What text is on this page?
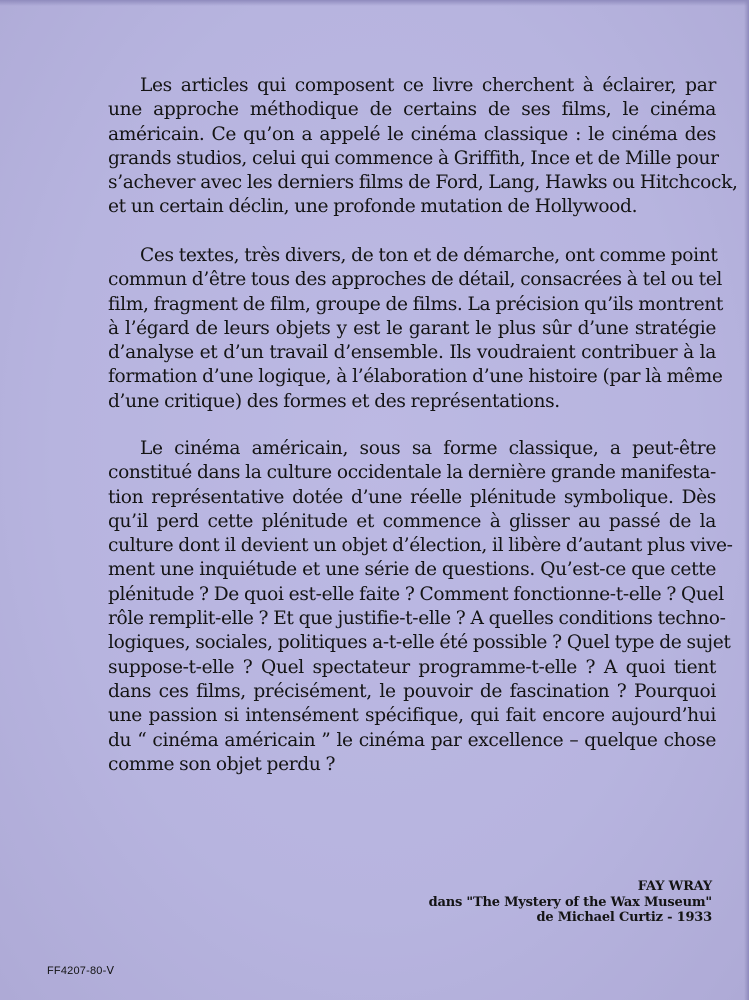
Les articles qui composent ce livre cherchent à éclairer, par
une approche méthodique de certains de ses films, le cinéma
américain. Ce qu’on a appelé le cinéma classique : le cinéma des
grands studios, celui qui commence à Griffith, Ince et de Mille pour
s’achever avec les derniers films de Ford, Lang, Hawks ou Hitchcock,
et un certain déclin, une profonde mutation de Hollywood.
Ces textes, très divers, de ton et de démarche, ont comme point
commun d’être tous des approches de détail, consacrées à tel ou tel
film, fragment de film, groupe de films. La précision qu’ils montrent
à l’égard de leurs objets y est le garant le plus sûr d’une stratégie
d’analyse et d’un travail d’ensemble. Ils voudraient contribuer à la
formation d’une logique, à l’élaboration d’une histoire (par là même
d’une critique) des formes et des représentations.
Le cinéma américain, sous sa forme classique, a peut-être
constitué dans la culture occidentale la dernière grande manifesta-
tion représentative dotée d’une réelle plénitude symbolique. Dès
qu’il perd cette plénitude et commence à glisser au passé de la
culture dont il devient un objet d’élection, il libère d’autant plus vive-
ment une inquiétude et une série de questions. Qu’est-ce que cette
plénitude ? De quoi est-elle faite ? Comment fonctionne-t-elle ? Quel
rôle remplit-elle ? Et que justifie-t-elle ? A quelles conditions techno-
logiques, sociales, politiques a-t-elle été possible ? Quel type de sujet
suppose-t-elle ? Quel spectateur programme-t-elle ? A quoi tient
dans ces films, précisément, le pouvoir de fascination ? Pourquoi
une passion si intensément spécifique, qui fait encore aujourd’hui
du “ cinéma américain ” le cinéma par excellence – quelque chose
comme son objet perdu ?
FAY WRAY
dans "The Mystery of the Wax Museum"
de Michael Curtiz - 1933
FF4207-80-Ⅴ
